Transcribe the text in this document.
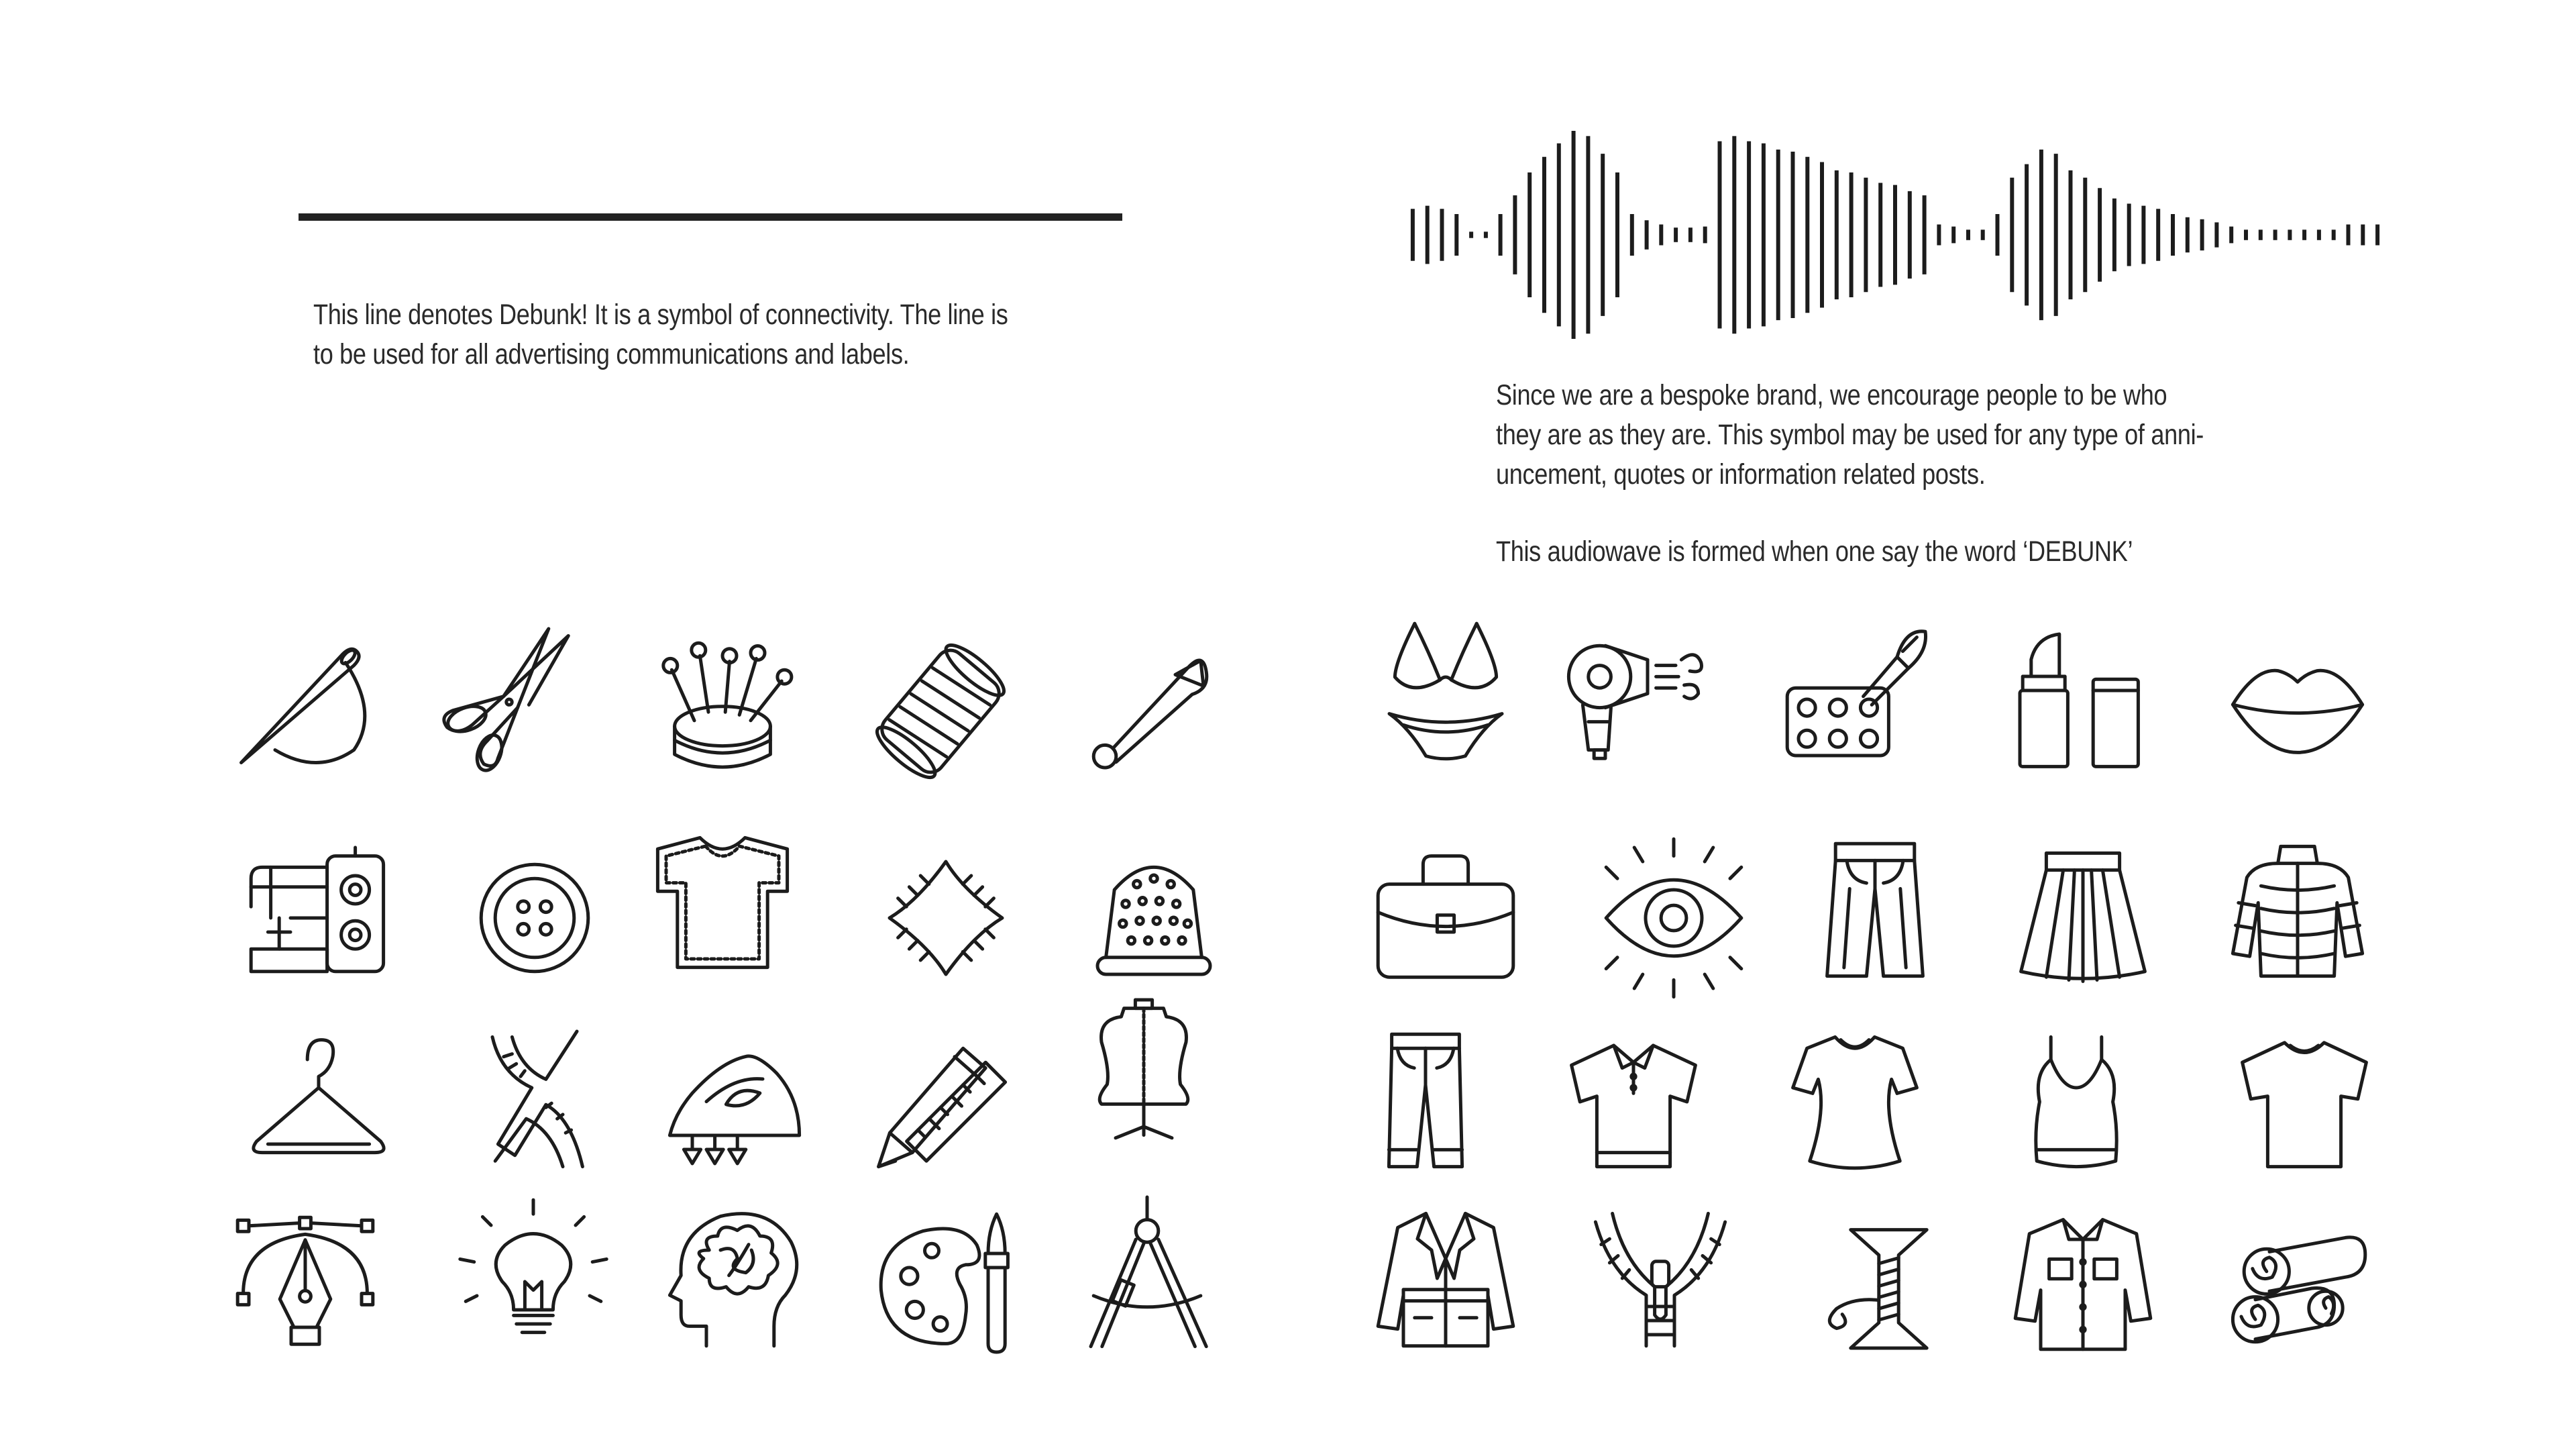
This line denotes Debunk! It is a symbol of connectivity. The line is
to be used for all advertising communications and labels.
Since we are a bespoke brand, we encourage people to be who
they are as they are. This symbol may be used for any type of anni-
uncement, quotes or information related posts.
This audiowave is formed when one say the word ‘DEBUNK’
